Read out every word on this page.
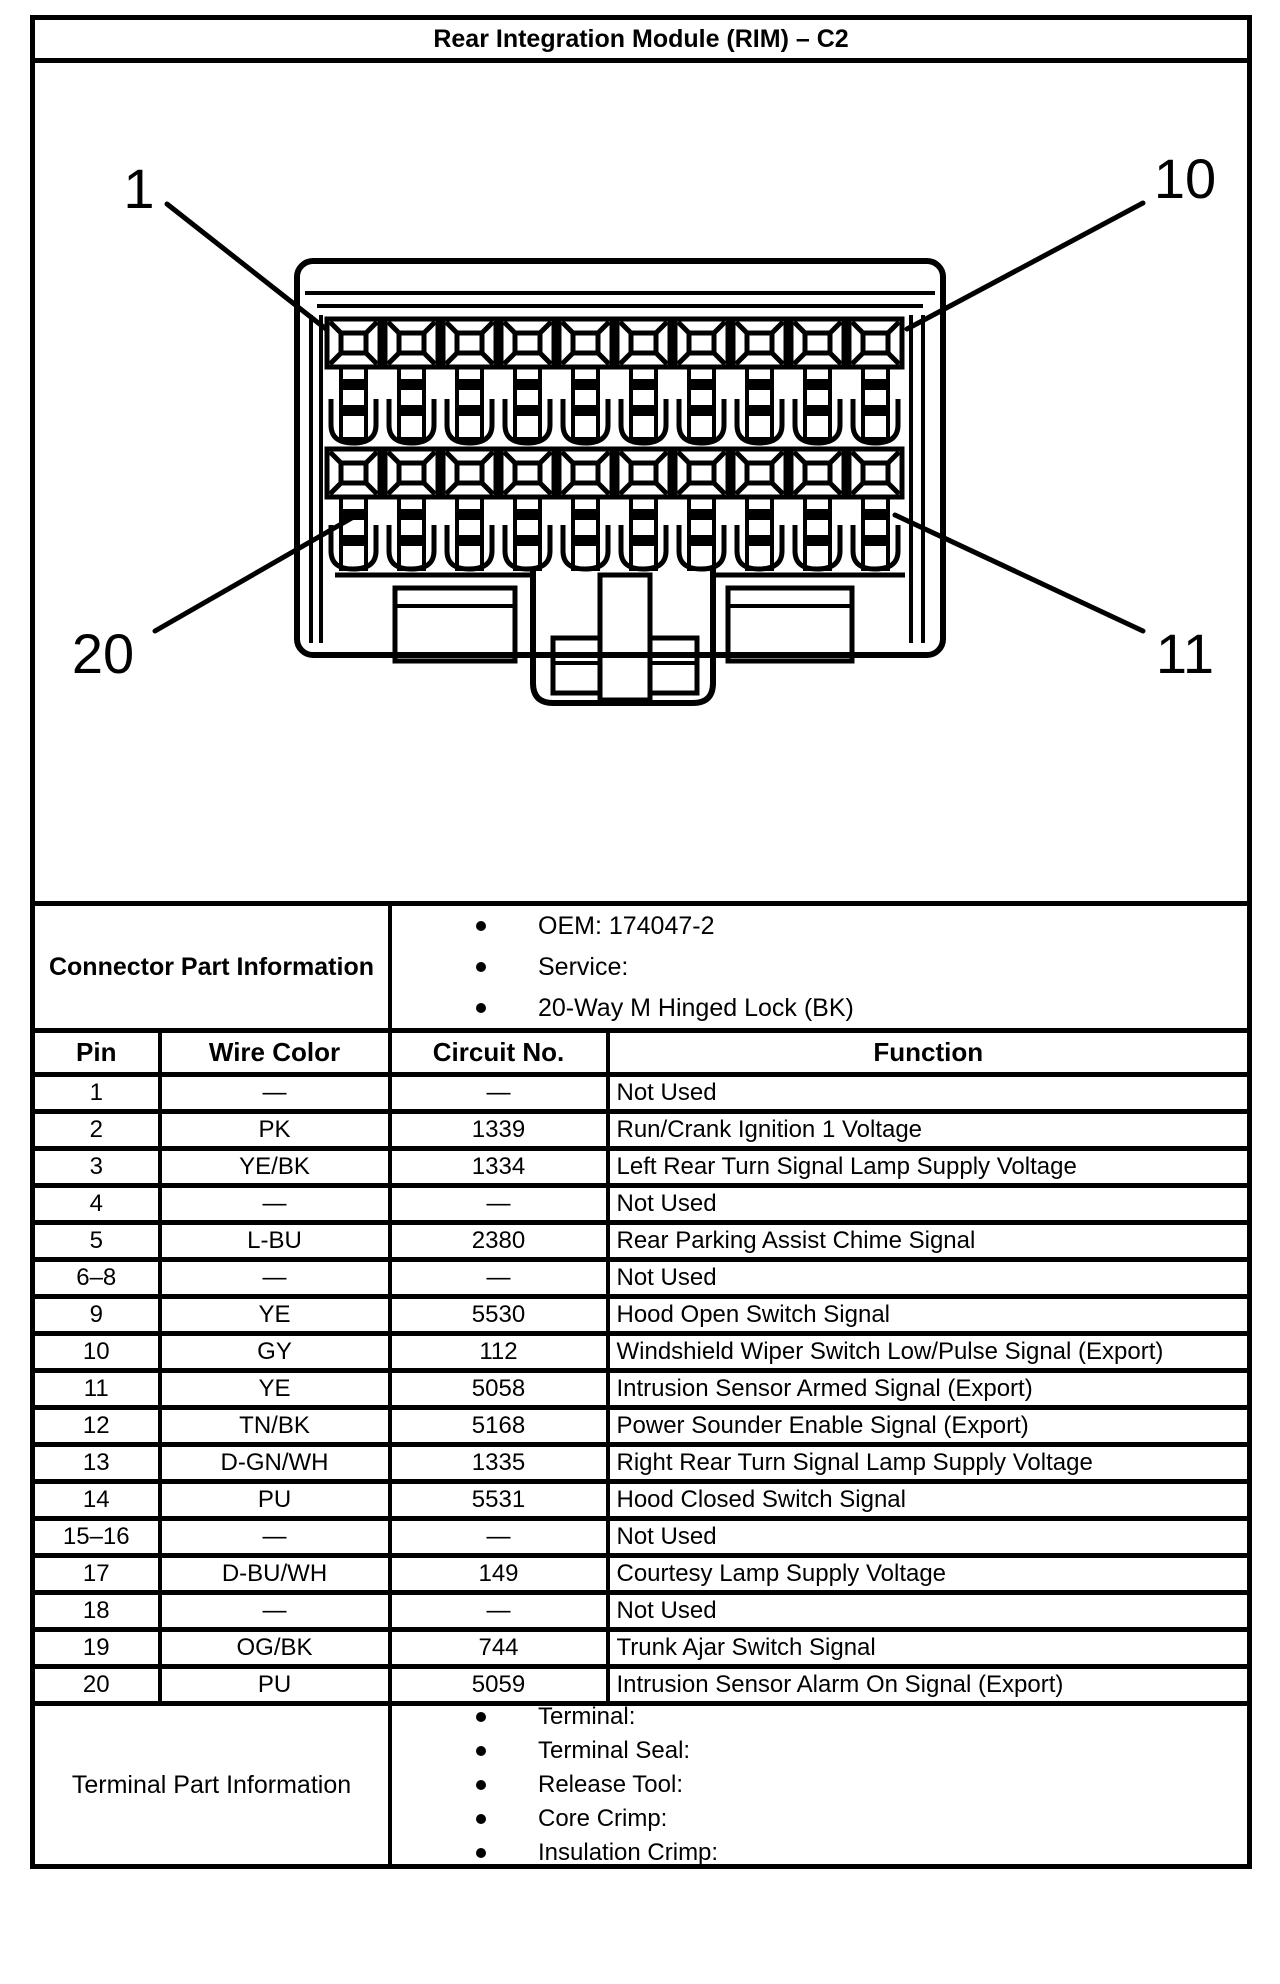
Rear Integration Module (RIM) – C2
1	10
20	11
Connector Part Information
OEM: 174047-2
Service:
20-Way M Hinged Lock (BK)
Pin	Wire Color	Circuit No.	Function
1	—	—	Not Used
2	PK	1339	Run/Crank Ignition 1 Voltage
3	YE/BK	1334	Left Rear Turn Signal Lamp Supply Voltage
4	—	—	Not Used
5	L-BU	2380	Rear Parking Assist Chime Signal
6–8	—	—	Not Used
9	YE	5530	Hood Open Switch Signal
10	GY	112	Windshield Wiper Switch Low/Pulse Signal (Export)
11	YE	5058	Intrusion Sensor Armed Signal (Export)
12	TN/BK	5168	Power Sounder Enable Signal (Export)
13	D-GN/WH	1335	Right Rear Turn Signal Lamp Supply Voltage
14	PU	5531	Hood Closed Switch Signal
15–16	—	—	Not Used
17	D-BU/WH	149	Courtesy Lamp Supply Voltage
18	—	—	Not Used
19	OG/BK	744	Trunk Ajar Switch Signal
20	PU	5059	Intrusion Sensor Alarm On Signal (Export)
Terminal Part Information
Terminal:
Terminal Seal:
Release Tool:
Core Crimp:
Insulation Crimp:
